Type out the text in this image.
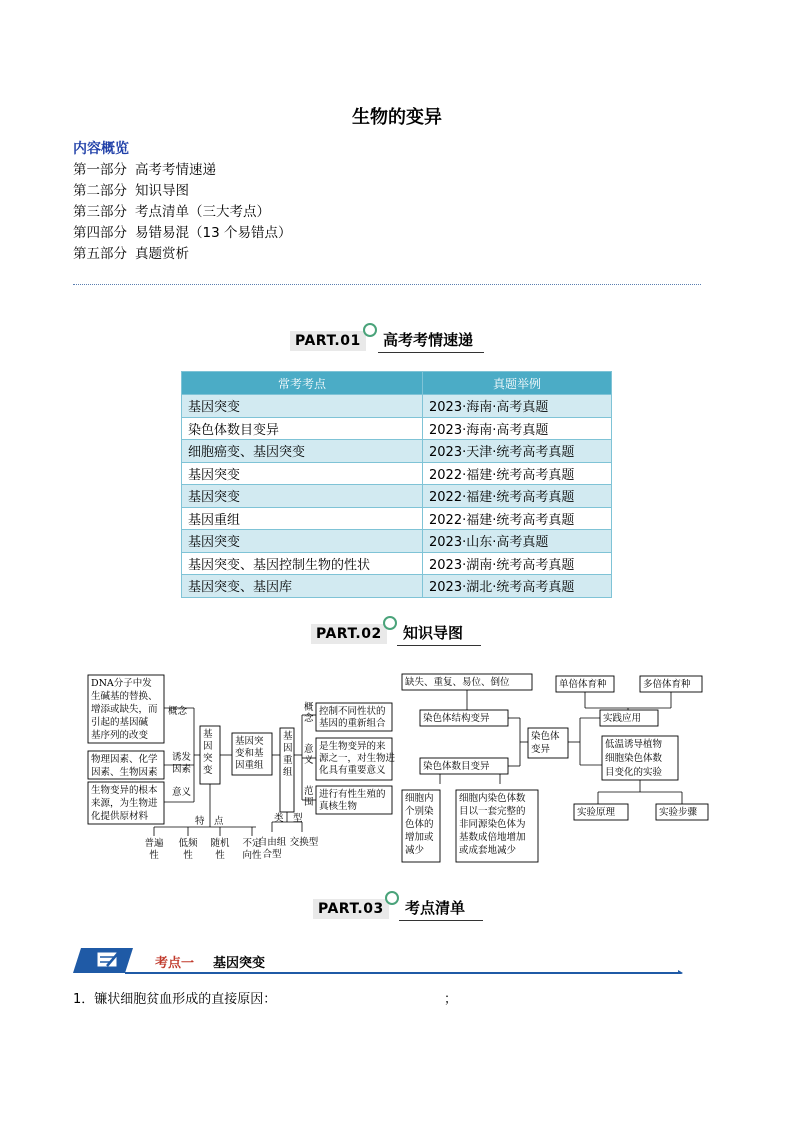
生物的变异
内容概览
第一部分 高考考情速递
第二部分 知识导图
第三部分 考点清单（三大考点）
第四部分 易错易混（13 个易错点）
第五部分 真题赏析
PART.01	高考考情速递
常考考点	真题举例
基因突变	2023·海南·高考真题
染色体数目变异	2023·海南·高考真题
细胞癌变、基因突变	2023·天津·统考高考真题
基因突变	2022·福建·统考高考真题
基因突变	2022·福建·统考高考真题
基因重组	2022·福建·统考高考真题
基因突变	2023·山东·高考真题
基因突变、基因控制生物的性状	2023·湖南·统考高考真题
基因突变、基因库	2023·湖北·统考高考真题
PART.02	知识导图
DNA分子中发生碱基的替换、增添或缺失，而引起的基因碱基序列的改变
物理因素、化学因素、生物因素
生物变异的根本来源，为生物进化提供原材料
概念
诱发因素
意义
基因突变
特　点
普遍性
低频性
随机性
不定向性
基因突变和基因重组
基因重组
类　型
自由组合型
交换型
概念
意义
范围
控制不同性状的基因的重新组合
是生物变异的来源之一，对生物进化具有重要意义
进行有性生殖的真核生物
缺失、重复、易位、倒位
染色体结构变异
染色体数目变异
染色体变异
细胞内个别染色体的增加或减少
细胞内染色体数目以一套完整的非同源染色体为基数成倍地增加或成套地减少
单倍体育种	多倍体育种
实践应用
低温诱导植物细胞染色体数目变化的实验
实验原理	实验步骤
PART.03	考点清单
考点一 基因突变
1．镰状细胞贫血形成的直接原因：	；
